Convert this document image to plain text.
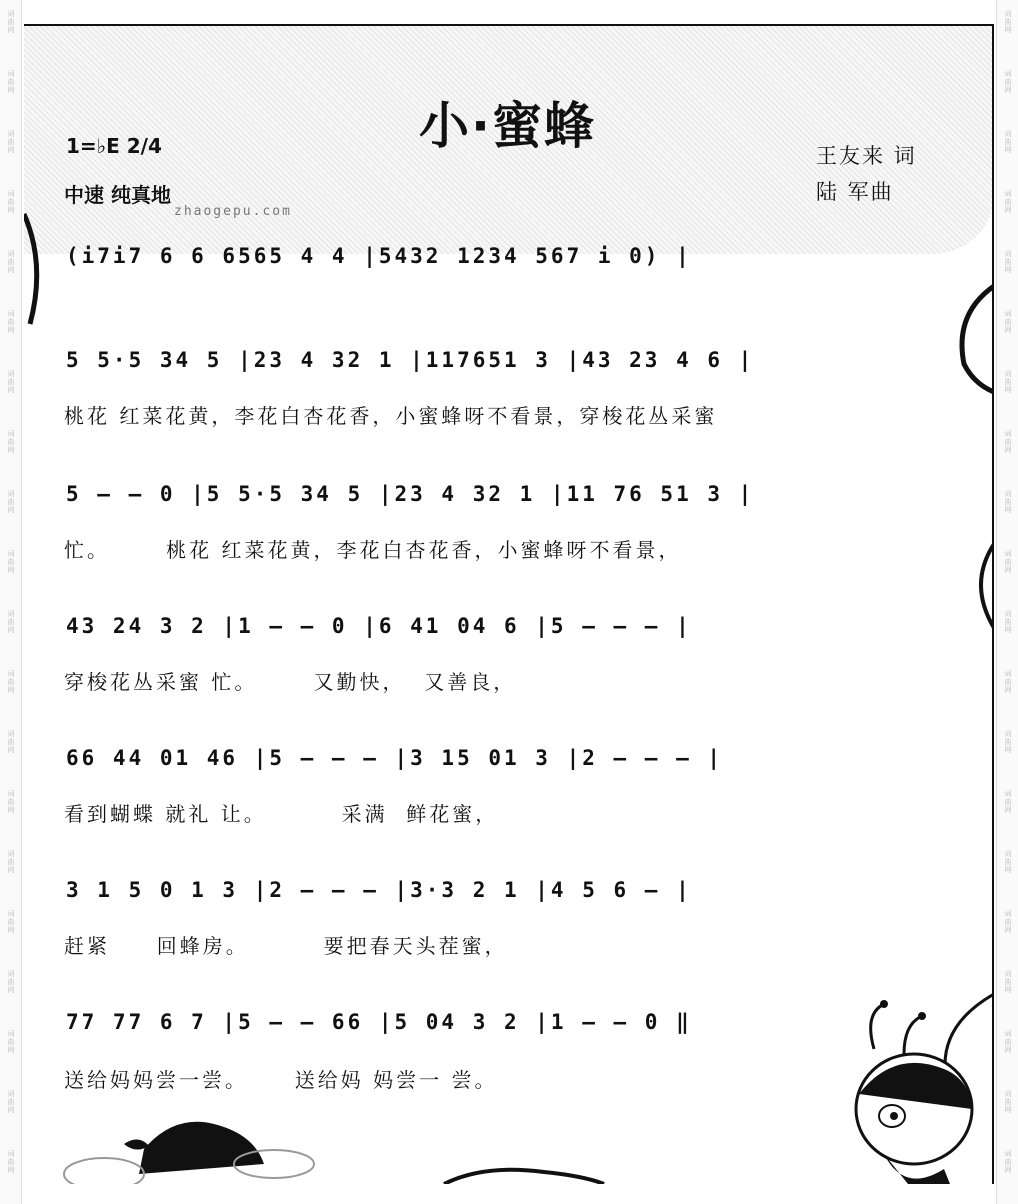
词
曲
网
词
曲
网
词
曲
网
词
曲
网
词
曲
网
词
曲
网
词
曲
网
词
曲
网
词
曲
网
词
曲
网
词
曲
网
词
曲
网
词
曲
网
词
曲
网
词
曲
网
词
曲
网
词
曲
网
词
曲
网
词
曲
网
词
曲
网
词
曲
网
词
曲
网
词
曲
网
词
曲
网
词
曲
网
词
曲
网
词
曲
网
词
曲
网
词
曲
网
词
曲
网
词
曲
网
词
曲
网
词
曲
网
词
曲
网
词
曲
网
词
曲
网
词
曲
网
词
曲
网
词
曲
网
词
曲
网
小·蜜蜂
1=♭E 2/4
中速 纯真地
zhaogepu.com
王友来 词
陆 军曲
(i7i7 6 6 6565 4 4 |5432 1234 567 i 0) |
5 5·5 34 5 |23 4 32 1 |117651 3 |43 23 4 6 |
桃花 红菜花黄，李花白杏花香，小蜜蜂呀不看景，穿梭花丛采蜜
5 — — 0 |5 5·5 34 5 |23 4 32 1 |11 76 51 3 |
忙。      桃花 红菜花黄，李花白杏花香，小蜜蜂呀不看景，
43 24 3 2 |1 — — 0 |6 41 04 6 |5 — — — |
穿梭花丛采蜜 忙。      又勤快，  又善良，
66 44 01 46 |5 — — — |3 15 01 3 |2 — — — |
看到蝴蝶 就礼 让。        采满  鲜花蜜，
3 1 5 0 1 3 |2 — — — |3·3 2 1 |4 5 6 — |
赶紧     回蜂房。        要把春天头茬蜜，
77 77 6 7 |5 — — 66 |5 04 3 2 |1 — — 0 ‖
送给妈妈尝一尝。     送给妈 妈尝一 尝。
